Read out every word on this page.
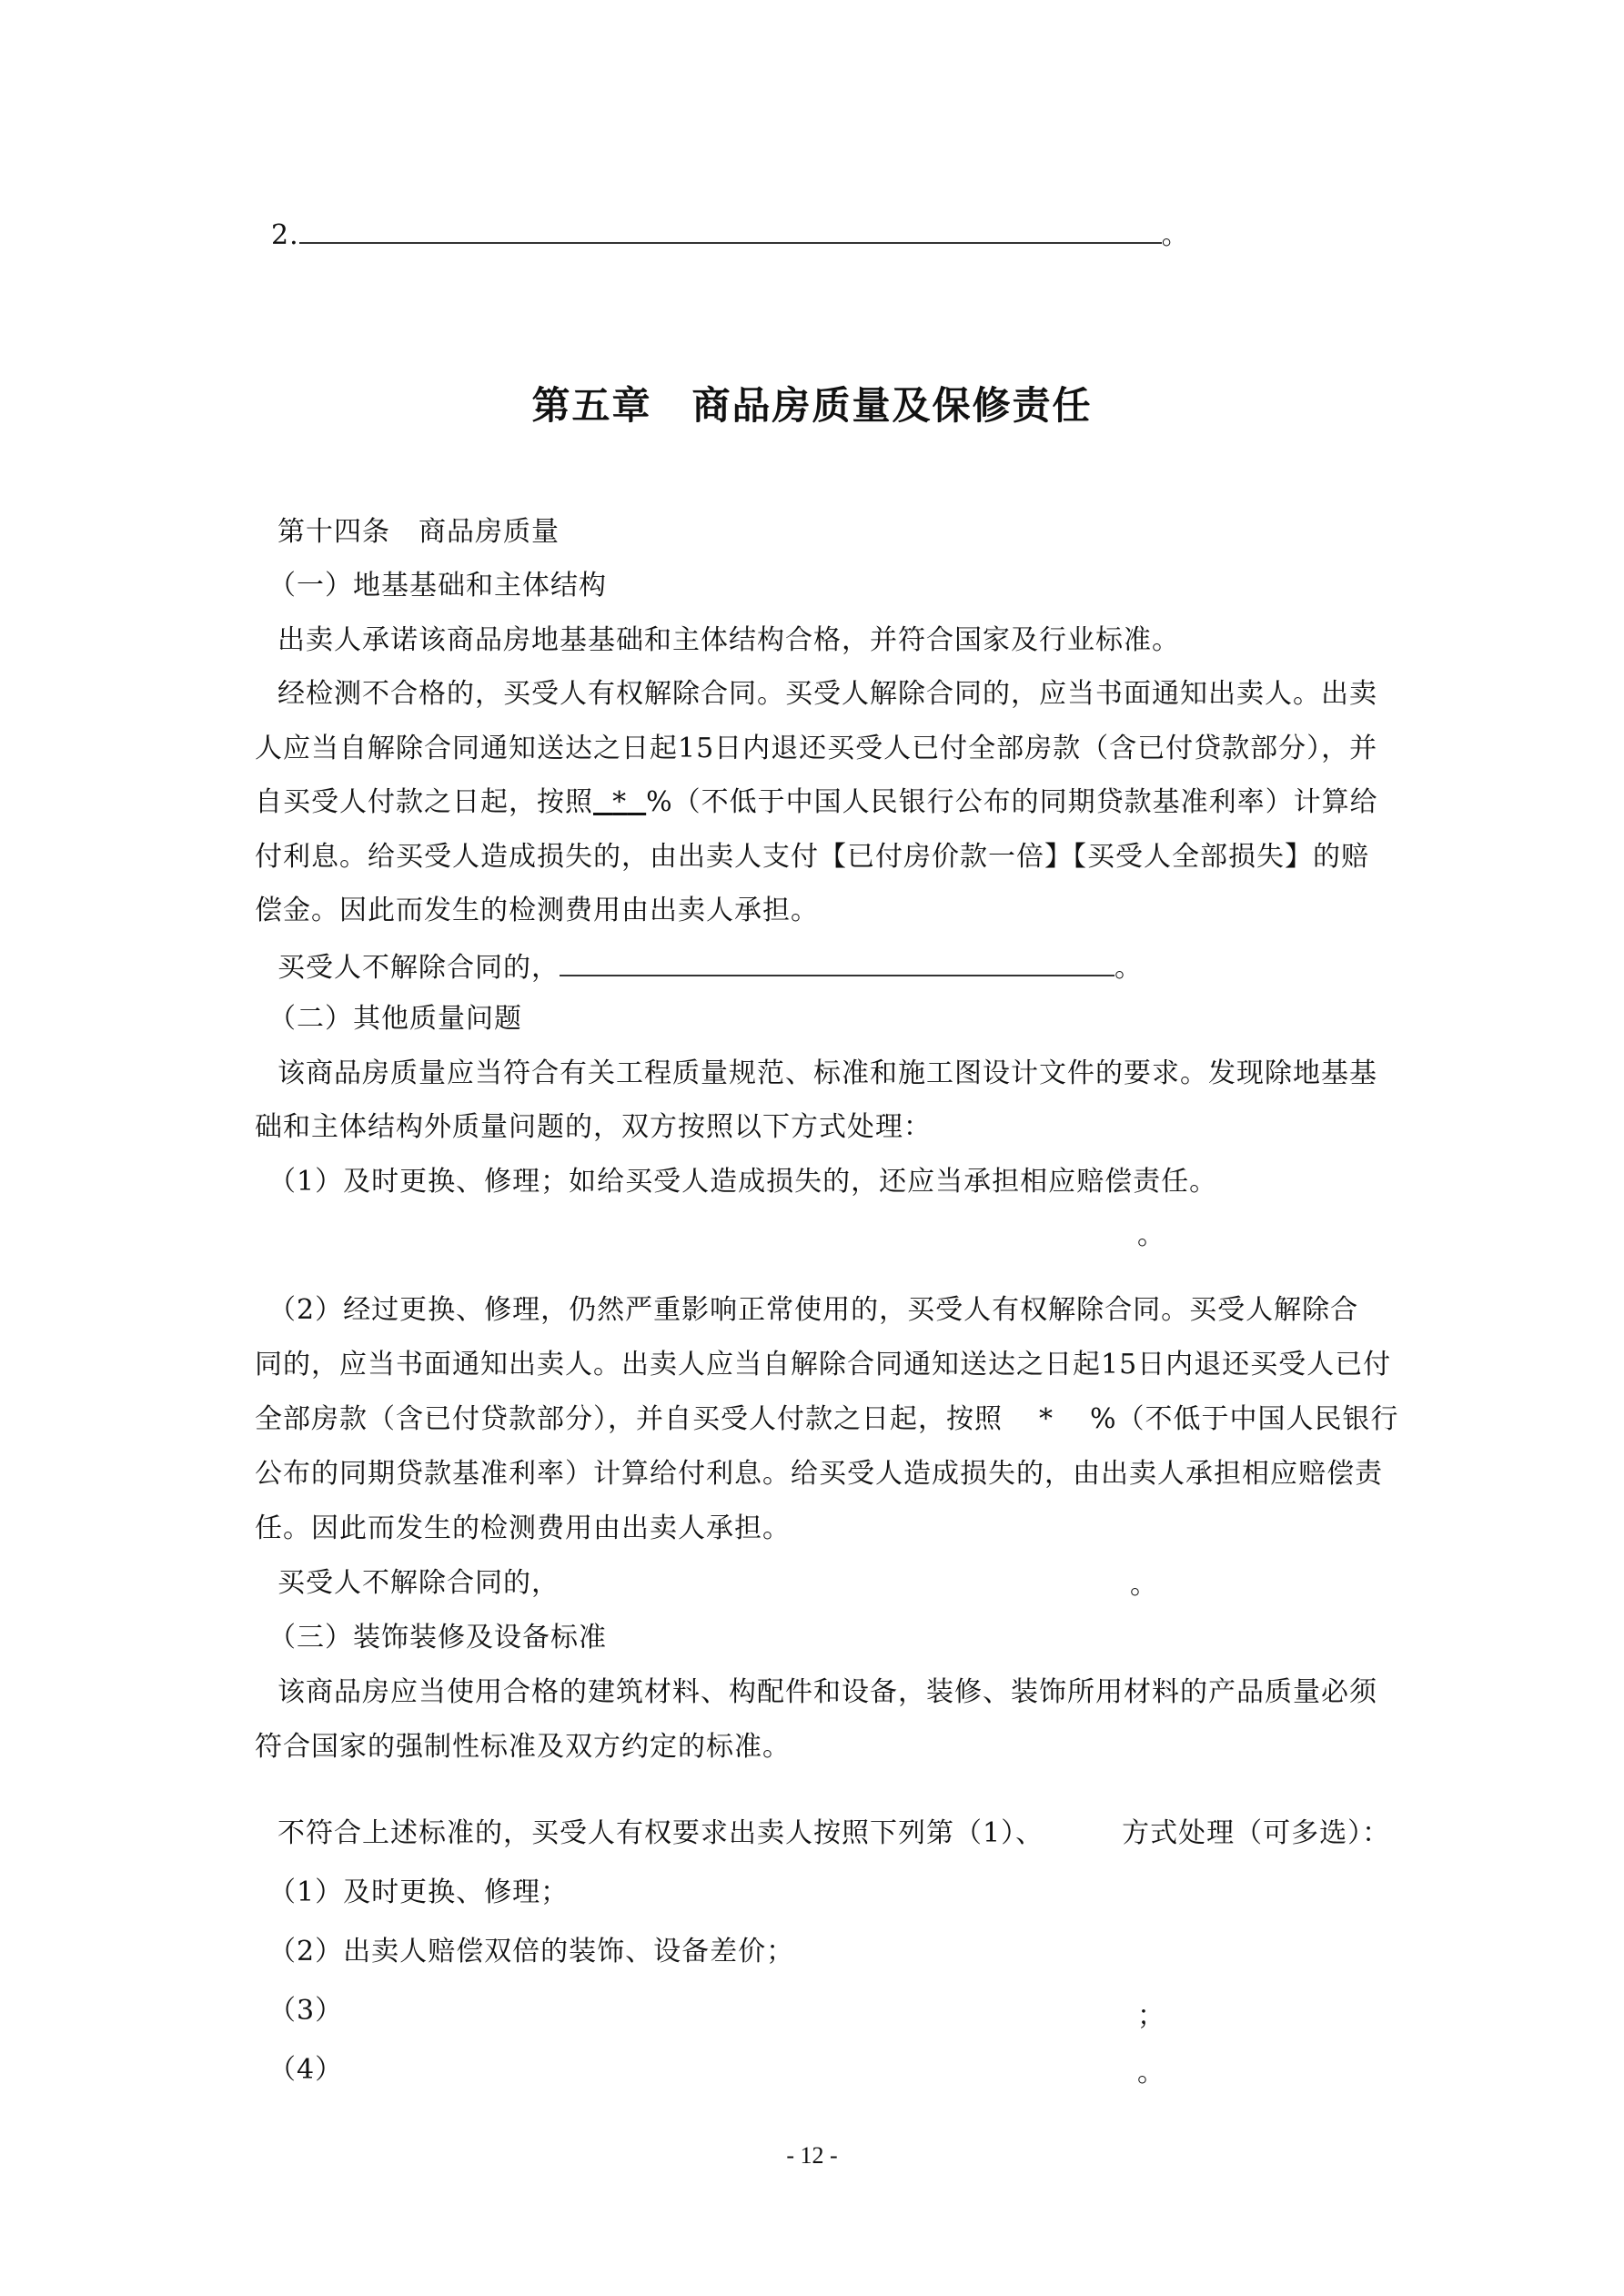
2.	。
第五章　商品房质量及保修责任
第十四条　商品房质量
（一）地基基础和主体结构
出卖人承诺该商品房地基基础和主体结构合格，并符合国家及行业标准。
经检测不合格的，买受人有权解除合同。买受人解除合同的，应当书面通知出卖人。出卖
人应当自解除合同通知送达之日起15日内退还买受人已付全部房款（含已付贷款部分），并
自买受人付款之日起，按照 * %（不低于中国人民银行公布的同期贷款基准利率）计算给
付利息。给买受人造成损失的，由出卖人支付【已付房价款一倍】【买受人全部损失】的赔
偿金。因此而发生的检测费用由出卖人承担。
买受人不解除合同的，	。
（二）其他质量问题
该商品房质量应当符合有关工程质量规范、标准和施工图设计文件的要求。发现除地基基
础和主体结构外质量问题的，双方按照以下方式处理：
（1）及时更换、修理；如给买受人造成损失的，还应当承担相应赔偿责任。
。
（2）经过更换、修理，仍然严重影响正常使用的，买受人有权解除合同。买受人解除合
同的，应当书面通知出卖人。出卖人应当自解除合同通知送达之日起15日内退还买受人已付
全部房款（含已付贷款部分），并自买受人付款之日起，按照 * %（不低于中国人民银行
公布的同期贷款基准利率）计算给付利息。给买受人造成损失的，由出卖人承担相应赔偿责
任。因此而发生的检测费用由出卖人承担。
买受人不解除合同的，	。
（三）装饰装修及设备标准
该商品房应当使用合格的建筑材料、构配件和设备，装修、装饰所用材料的产品质量必须
符合国家的强制性标准及双方约定的标准。
不符合上述标准的，买受人有权要求出卖人按照下列第（1）、	方式处理（可多选）：
（1）及时更换、修理；
（2）出卖人赔偿双倍的装饰、设备差价；
（3）	；
（4）	。
- 12 -
